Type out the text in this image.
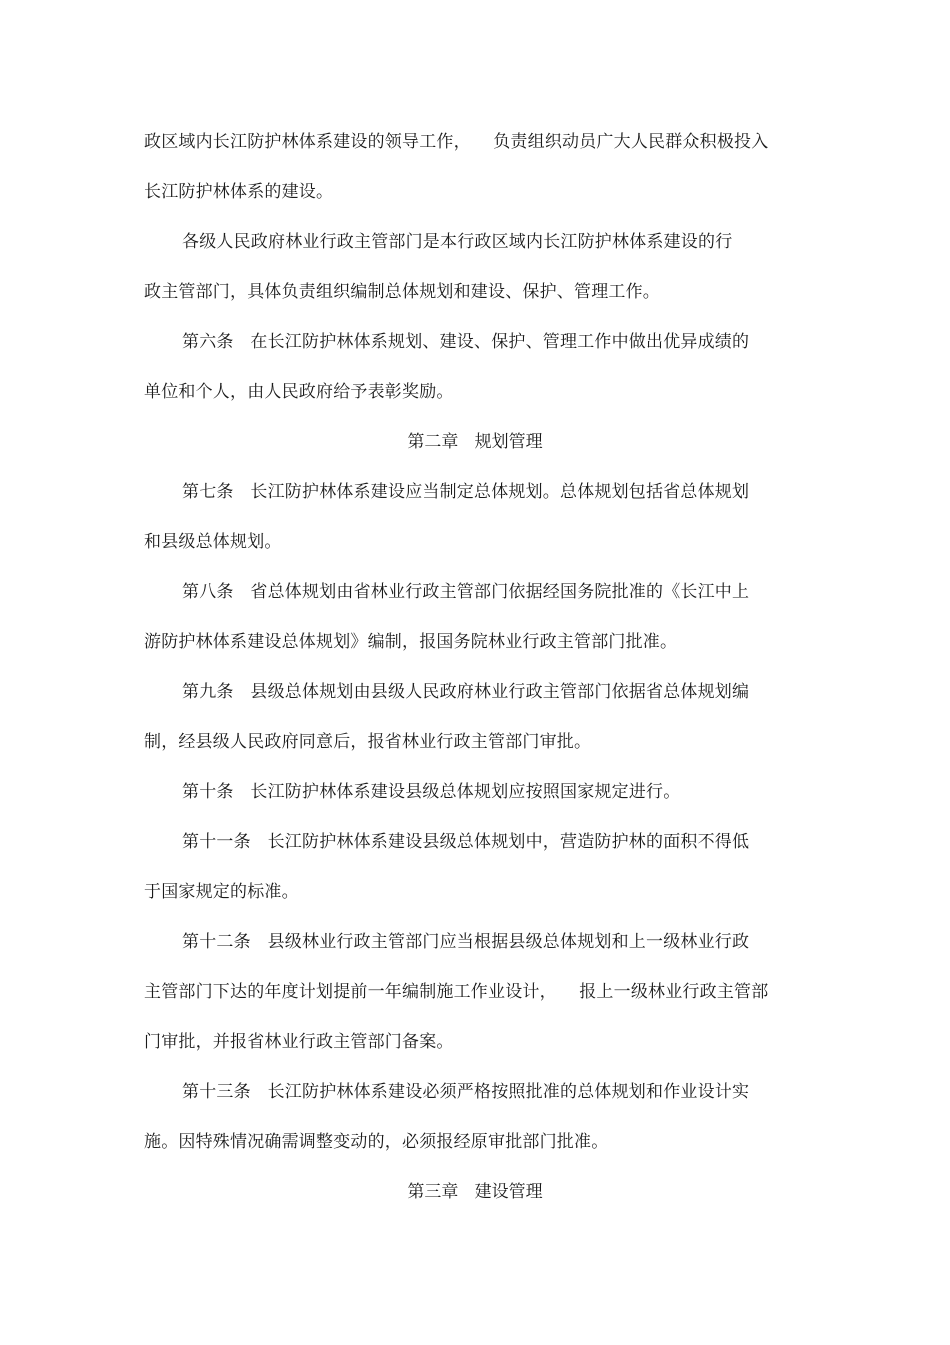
政区域内长江防护林体系建设的领导工作，    负责组织动员广大人民群众积极投入
长江防护林体系的建设。
各级人民政府林业行政主管部门是本行政区域内长江防护林体系建设的行
政主管部门，具体负责组织编制总体规划和建设、保护、管理工作。
第六条   在长江防护林体系规划、建设、保护、管理工作中做出优异成绩的
单位和个人，由人民政府给予表彰奖励。
第二章   规划管理
第七条   长江防护林体系建设应当制定总体规划。总体规划包括省总体规划
和县级总体规划。
第八条   省总体规划由省林业行政主管部门依据经国务院批准的《长江中上
游防护林体系建设总体规划》编制，报国务院林业行政主管部门批准。
第九条   县级总体规划由县级人民政府林业行政主管部门依据省总体规划编
制，经县级人民政府同意后，报省林业行政主管部门审批。
第十条   长江防护林体系建设县级总体规划应按照国家规定进行。
第十一条   长江防护林体系建设县级总体规划中，营造防护林的面积不得低
于国家规定的标准。
第十二条   县级林业行政主管部门应当根据县级总体规划和上一级林业行政
主管部门下达的年度计划提前一年编制施工作业设计，    报上一级林业行政主管部
门审批，并报省林业行政主管部门备案。
第十三条   长江防护林体系建设必须严格按照批准的总体规划和作业设计实
施。因特殊情况确需调整变动的，必须报经原审批部门批准。
第三章   建设管理
